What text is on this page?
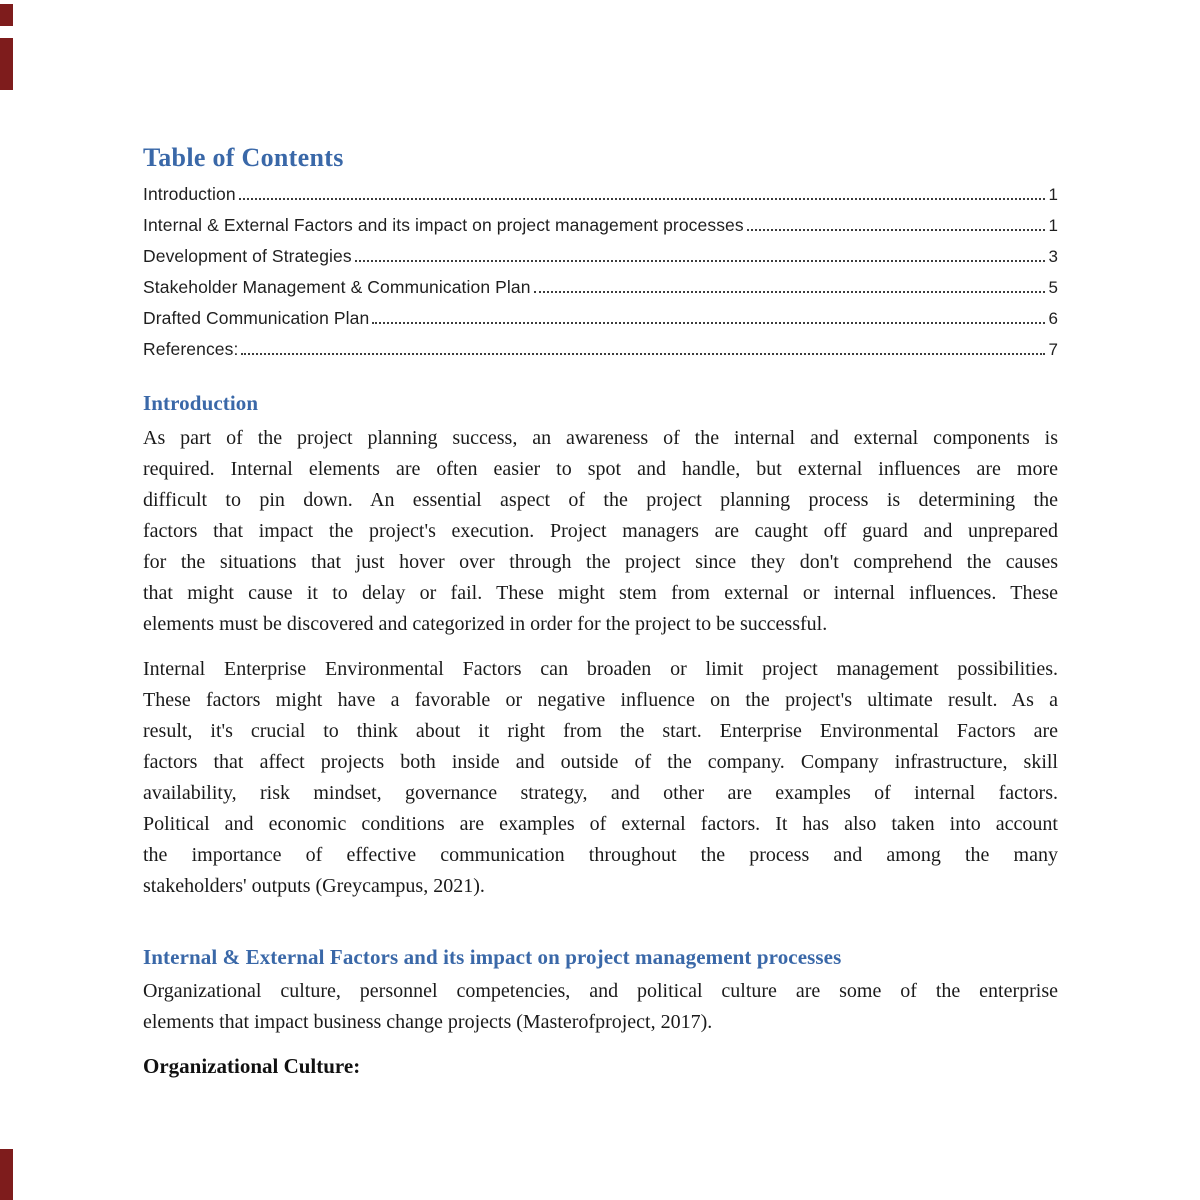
Table of Contents
Introduction	1
Internal & External Factors and its impact on project management processes	1
Development of Strategies	3
Stakeholder Management & Communication Plan	5
Drafted Communication Plan	6
References:	7
Introduction
As part of the project planning success, an awareness of the internal and external components is
required. Internal elements are often easier to spot and handle, but external influences are more
difficult to pin down. An essential aspect of the project planning process is determining the
factors that impact the project's execution. Project managers are caught off guard and unprepared
for the situations that just hover over through the project since they don't comprehend the causes
that might cause it to delay or fail. These might stem from external or internal influences. These
elements must be discovered and categorized in order for the project to be successful.
Internal Enterprise Environmental Factors can broaden or limit project management possibilities.
These factors might have a favorable or negative influence on the project's ultimate result. As a
result, it's crucial to think about it right from the start. Enterprise Environmental Factors are
factors that affect projects both inside and outside of the company. Company infrastructure, skill
availability, risk mindset, governance strategy, and other are examples of internal factors.
Political and economic conditions are examples of external factors. It has also taken into account
the importance of effective communication throughout the process and among the many
stakeholders' outputs (Greycampus, 2021).
Internal & External Factors and its impact on project management processes
Organizational culture, personnel competencies, and political culture are some of the enterprise
elements that impact business change projects (Masterofproject, 2017).
Organizational Culture:
